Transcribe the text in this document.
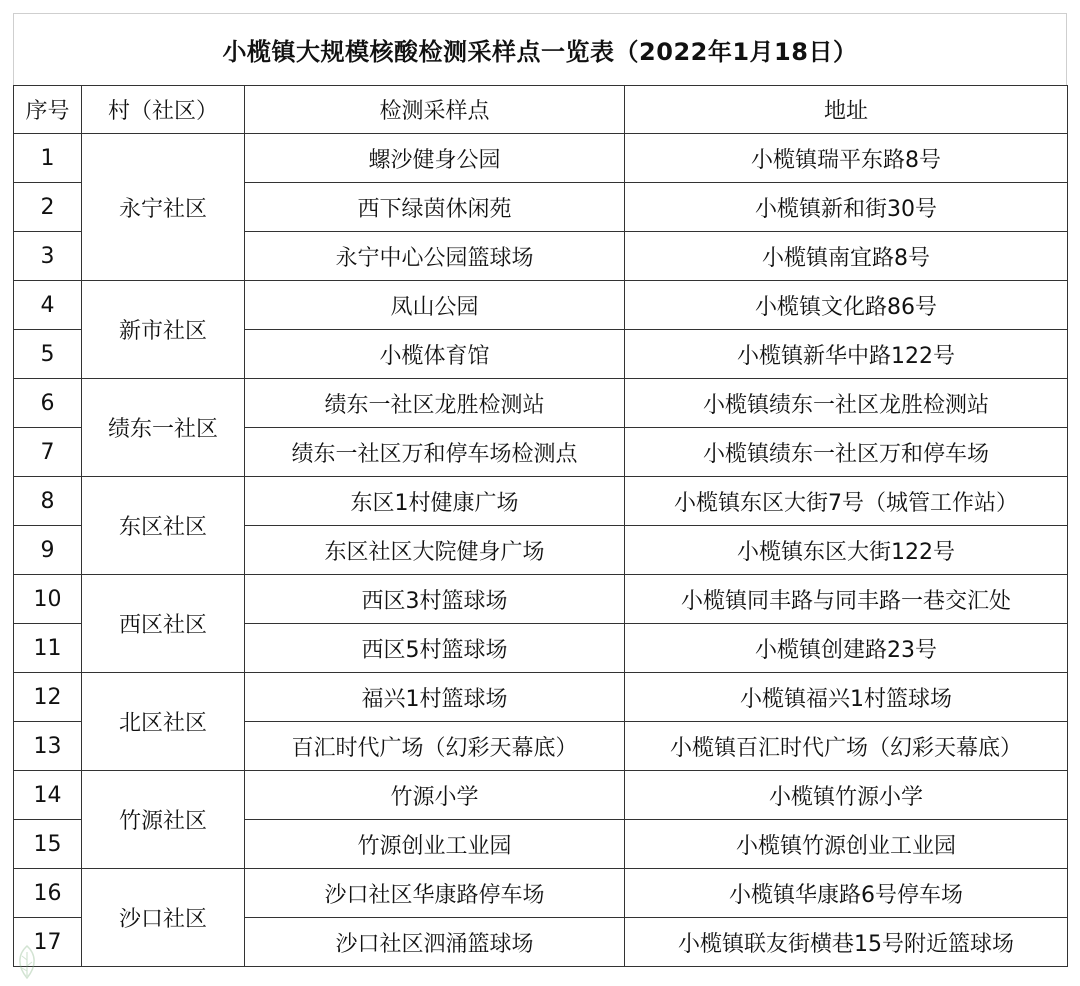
小榄镇大规模核酸检测采样点一览表（2022年1月18日）
序号	村（社区）	检测采样点	地址
1	永宁社区	螺沙健身公园	小榄镇瑞平东路8号
2		西下绿茵休闲苑	小榄镇新和街30号
3		永宁中心公园篮球场	小榄镇南宜路8号
4	新市社区	凤山公园	小榄镇文化路86号
5		小榄体育馆	小榄镇新华中路122号
6	绩东一社区	绩东一社区龙胜检测站	小榄镇绩东一社区龙胜检测站
7		绩东一社区万和停车场检测点	小榄镇绩东一社区万和停车场
8	东区社区	东区1村健康广场	小榄镇东区大街7号（城管工作站）
9		东区社区大院健身广场	小榄镇东区大街122号
10	西区社区	西区3村篮球场	小榄镇同丰路与同丰路一巷交汇处
11		西区5村篮球场	小榄镇创建路23号
12	北区社区	福兴1村篮球场	小榄镇福兴1村篮球场
13		百汇时代广场（幻彩天幕底）	小榄镇百汇时代广场（幻彩天幕底）
14	竹源社区	竹源小学	小榄镇竹源小学
15		竹源创业工业园	小榄镇竹源创业工业园
16	沙口社区	沙口社区华康路停车场	小榄镇华康路6号停车场
17		沙口社区泗涌篮球场	小榄镇联友街横巷15号附近篮球场
